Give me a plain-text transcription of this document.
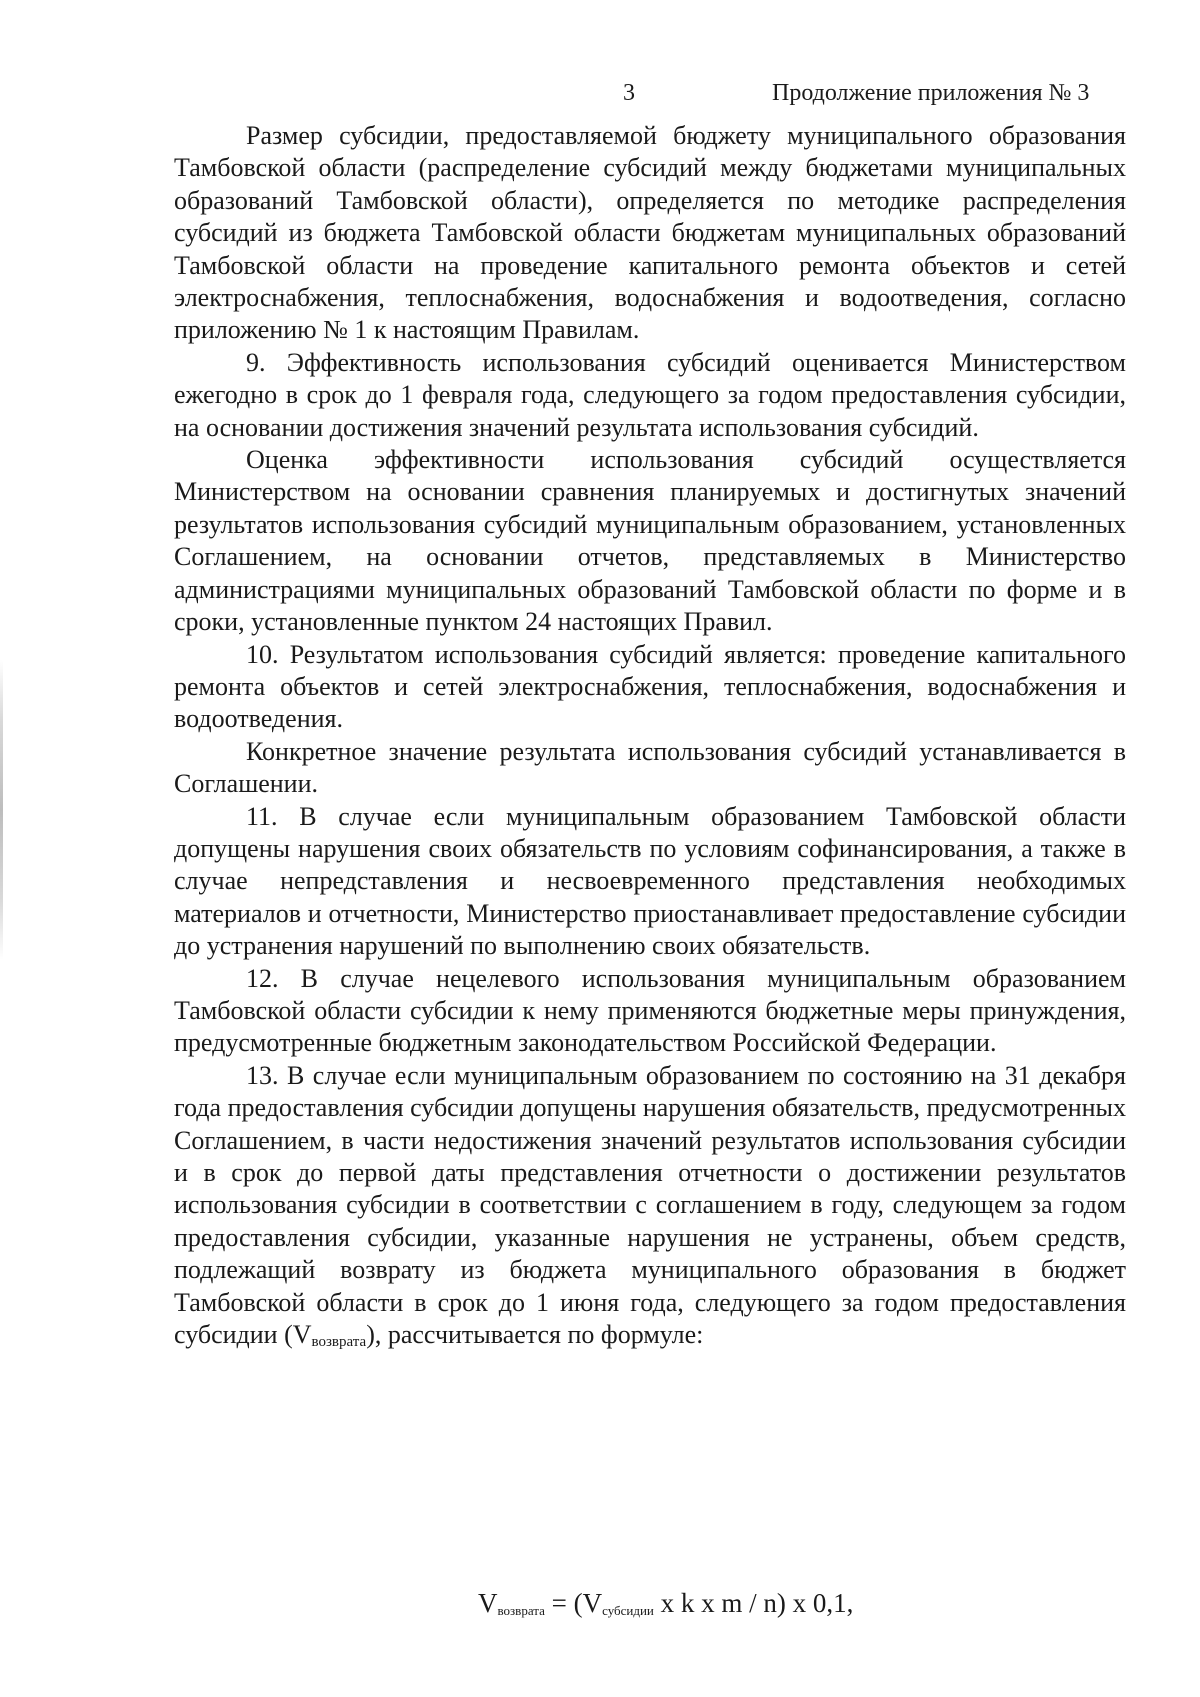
3	Продолжение приложения № 3

Размер субсидии, предоставляемой бюджету муниципального образования Тамбовской области (распределение субсидий между бюджетами муниципальных образований Тамбовской области), определяется по методике распределения субсидий из бюджета Тамбовской области бюджетам муниципальных образований Тамбовской области на проведение капитального ремонта объектов и сетей электроснабжения, теплоснабжения, водоснабжения и водоотведения, согласно приложению № 1 к настоящим Правилам.

9. Эффективность использования субсидий оценивается Министерством ежегодно в срок до 1 февраля года, следующего за годом предоставления субсидии, на основании достижения значений результата использования субсидий.

Оценка эффективности использования субсидий осуществляется Министерством на основании сравнения планируемых и достигнутых значений результатов использования субсидий муниципальным образованием, установленных Соглашением, на основании отчетов, представляемых в Министерство администрациями муниципальных образований Тамбовской области по форме и в сроки, установленные пунктом 24 настоящих Правил.

10. Результатом использования субсидий является: проведение капитального ремонта объектов и сетей электроснабжения, теплоснабжения, водоснабжения и водоотведения.

Конкретное значение результата использования субсидий устанавливается в Соглашении.

11. В случае если муниципальным образованием Тамбовской области допущены нарушения своих обязательств по условиям софинансирования, а также в случае непредставления и несвоевременного представления необходимых материалов и отчетности, Министерство приостанавливает предоставление субсидии до устранения нарушений по выполнению своих обязательств.

12. В случае нецелевого использования муниципальным образованием Тамбовской области субсидии к нему применяются бюджетные меры принуждения, предусмотренные бюджетным законодательством Российской Федерации.

13. В случае если муниципальным образованием по состоянию на 31 декабря года предоставления субсидии допущены нарушения обязательств, предусмотренных Соглашением, в части недостижения значений результатов использования субсидии и в срок до первой даты представления отчетности о достижении результатов использования субсидии в соответствии с соглашением в году, следующем за годом предоставления субсидии, указанные нарушения не устранены, объем средств, подлежащий возврату из бюджета муниципального образования в бюджет Тамбовской области в срок до 1 июня года, следующего за годом предоставления субсидии $(V_{возврата})$, рассчитывается по формуле:

$V_{возврата} = (V_{субсидии}$ x k x m / n) x 0,1,
